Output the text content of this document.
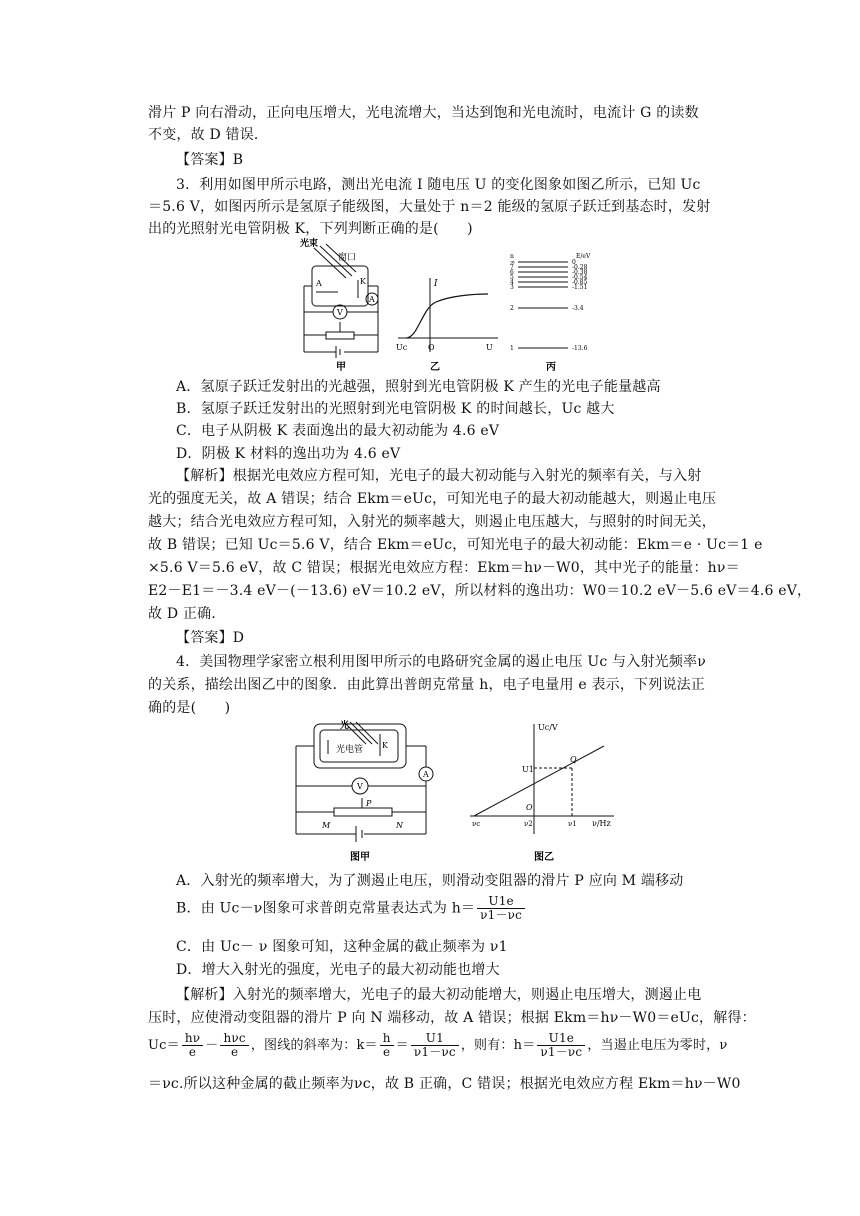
滑片 P 向右滑动，正向电压增大，光电流增大，当达到饱和光电流时，电流计 G 的读数

不变，故 D 错误．

【答案】B

3．利用如图甲所示电路，测出光电流 I 随电压 U 的变化图象如图乙所示，已知 Uc

＝5.6 V，如图丙所示是氢原子能级图，大量处于 n＝2 能级的氢原子跃迁到基态时，发射

出的光照射光电管阴极 K，下列判断正确的是(　　)

光束
窗口
A	K
A
V
甲
I
Uc	O	U
乙
n	E/eV
丙
∞	0
7	-0.28
6	-0.38
5	-0.54
4	-0.85
3	-1.51
2	-3.4
1	-13.6

A．氢原子跃迁发射出的光越强，照射到光电管阴极 K 产生的光电子能量越高

B．氢原子跃迁发射出的光照射到光电管阴极 K 的时间越长，Uc 越大

C．电子从阴极 K 表面逸出的最大初动能为 4.6 eV

D．阴极 K 材料的逸出功为 4.6 eV

【解析】根据光电效应方程可知，光电子的最大初动能与入射光的频率有关，与入射

光的强度无关，故 A 错误；结合 Ekm＝eUc，可知光电子的最大初动能越大，则遏止电压

越大；结合光电效应方程可知，入射光的频率越大，则遏止电压越大，与照射的时间无关，

故 B 错误；已知 Uc＝5.6 V，结合 Ekm＝eUc，可知光电子的最大初动能：Ekm＝e · Uc＝1 e

×5.6 V＝5.6 eV，故 C 错误；根据光电效应方程：Ekm＝hν－W0，其中光子的能量：hν＝

E2－E1＝－3.4 eV－(－13.6) eV＝10.2 eV，所以材料的逸出功：W0＝10.2 eV－5.6 eV＝4.6 eV，

故 D 正确．

【答案】D

4．美国物理学家密立根利用图甲所示的电路研究金属的遏止电压 Uc 与入射光频率ν

的关系，描绘出图乙中的图象．由此算出普朗克常量 h，电子电量用 e 表示，下列说法正

确的是(　　)

光
光电管 K
V
A
P
M	N
图甲
Uc/V
U1
Q
O
νc	ν2	ν1 ν/Hz
图乙

A．入射光的频率增大，为了测遏止电压，则滑动变阻器的滑片 P 应向 M 端移动

B．由 Uc－ν图象可求普朗克常量表达式为 $h= \frac{U1e}{\nu 1-\nu c}$

C．由 Uc－ ν 图象可知，这种金属的截止频率为 ν1

D．增大入射光的强度，光电子的最大初动能也增大

【解析】入射光的频率增大，光电子的最大初动能增大，则遏止电压增大，测遏止电

压时，应使滑动变阻器的滑片 P 向 N 端移动，故 A 错误；根据 Ekm＝hν－W0＝eUc，解得：

$Uc= \frac{h\nu}{e} - \frac{\text{hνc}}{e}$ ，图线的斜率为：$k= \frac{h}{e} = \frac{U1}{\nu 1-\nu c}$ ，则有：$h= \frac{U1e}{\nu 1-\nu c}$ ，当遏止电压为零时，ν

＝νc.所以这种金属的截止频率为νc，故 B 正确，C 错误；根据光电效应方程 Ekm＝hν－W0
